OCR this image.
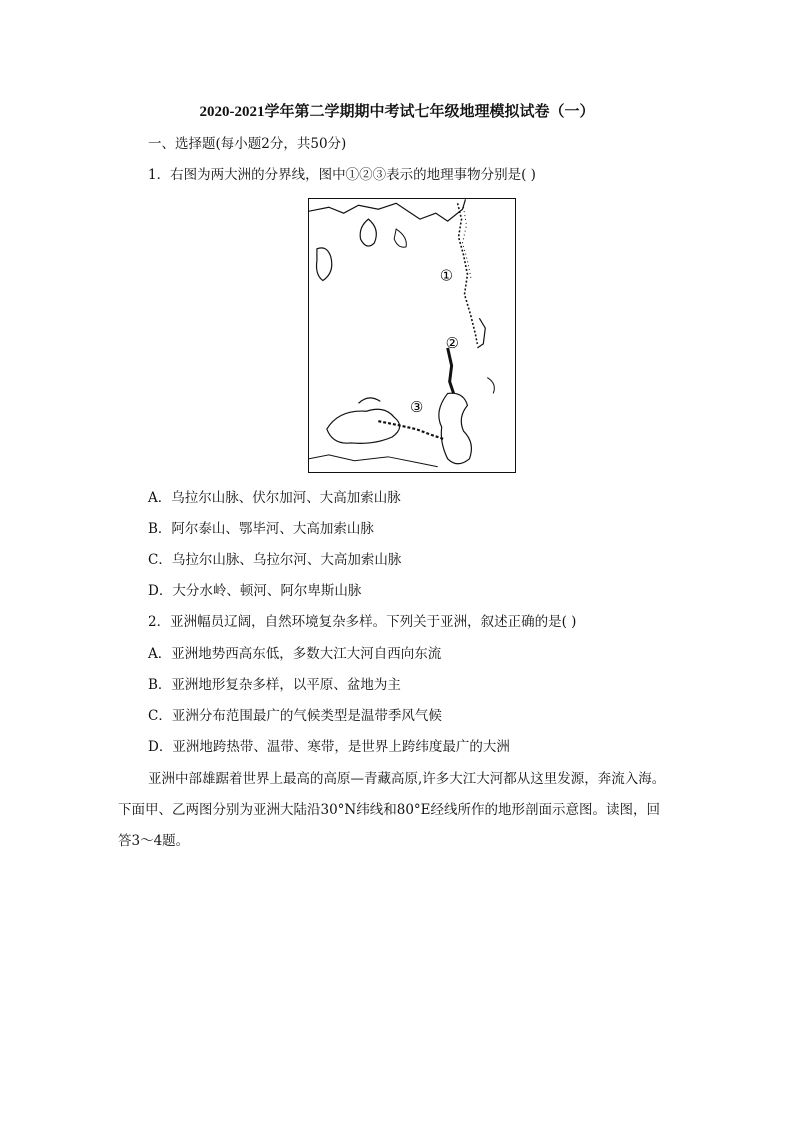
2020-2021学年第二学期期中考试七年级地理模拟试卷（一）
一、选择题(每小题2分，共50分)
1．右图为两大洲的分界线，图中①②③表示的地理事物分别是( )
①
②
③
A．乌拉尔山脉、伏尔加河、大高加索山脉
B．阿尔泰山、鄂毕河、大高加索山脉
C．乌拉尔山脉、乌拉尔河、大高加索山脉
D．大分水岭、顿河、阿尔卑斯山脉
2．亚洲幅员辽阔，自然环境复杂多样。下列关于亚洲，叙述正确的是( )
A．亚洲地势西高东低，多数大江大河自西向东流
B．亚洲地形复杂多样，以平原、盆地为主
C．亚洲分布范围最广的气候类型是温带季风气候
D．亚洲地跨热带、温带、寒带，是世界上跨纬度最广的大洲
亚洲中部雄踞着世界上最高的高原—青藏高原,许多大江大河都从这里发源，奔流入海。
下面甲、乙两图分别为亚洲大陆沿30°N纬线和80°E经线所作的地形剖面示意图。读图，回
答3～4题。
